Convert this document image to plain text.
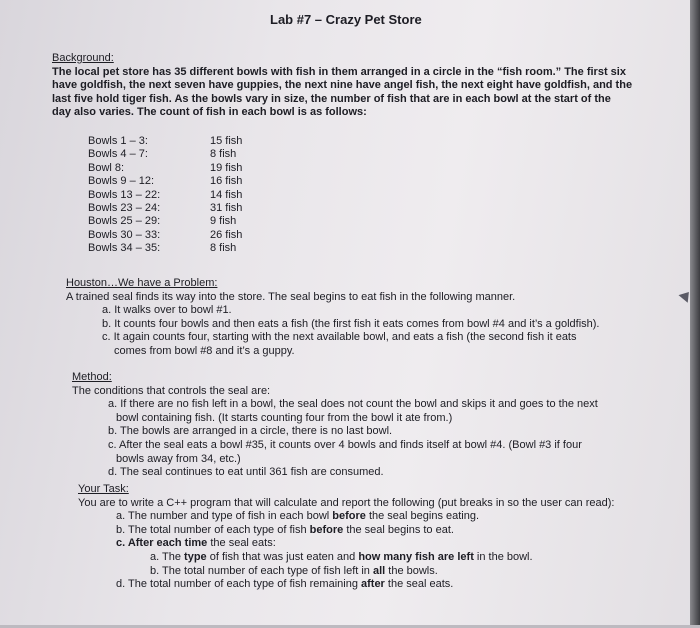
Lab #7 – Crazy Pet Store
Background:
The local pet store has 35 different bowls with fish in them arranged in a circle in the “fish room.” The first six
have goldfish, the next seven have guppies, the next nine have angel fish, the next eight have goldfish, and the
last five hold tiger fish. As the bowls vary in size, the number of fish that are in each bowl at the start of the
day also varies. The count of fish in each bowl is as follows:
Bowls 1 – 3:	15 fish
Bowls 4 – 7:	8 fish
Bowl 8:	19 fish
Bowls 9 – 12:	16 fish
Bowls 13 – 22:	14 fish
Bowls 23 – 24:	31 fish
Bowls 25 – 29:	9 fish
Bowls 30 – 33:	26 fish
Bowls 34 – 35:	8 fish
Houston…We have a Problem:
A trained seal finds its way into the store. The seal begins to eat fish in the following manner.
a. It walks over to bowl #1.
b. It counts four bowls and then eats a fish (the first fish it eats comes from bowl #4 and it’s a goldfish).
c. It again counts four, starting with the next available bowl, and eats a fish (the second fish it eats
comes from bowl #8 and it’s a guppy.
Method:
The conditions that controls the seal are:
a. If there are no fish left in a bowl, the seal does not count the bowl and skips it and goes to the next
bowl containing fish. (It starts counting four from the bowl it ate from.)
b. The bowls are arranged in a circle, there is no last bowl.
c. After the seal eats a bowl #35, it counts over 4 bowls and finds itself at bowl #4. (Bowl #3 if four
bowls away from 34, etc.)
d. The seal continues to eat until 361 fish are consumed.
Your Task:
You are to write a C++ program that will calculate and report the following (put breaks in so the user can read):
a. The number and type of fish in each bowl before the seal begins eating.
b. The total number of each type of fish before the seal begins to eat.
c. After each time the seal eats:
a. The type of fish that was just eaten and how many fish are left in the bowl.
b. The total number of each type of fish left in all the bowls.
d. The total number of each type of fish remaining after the seal eats.
